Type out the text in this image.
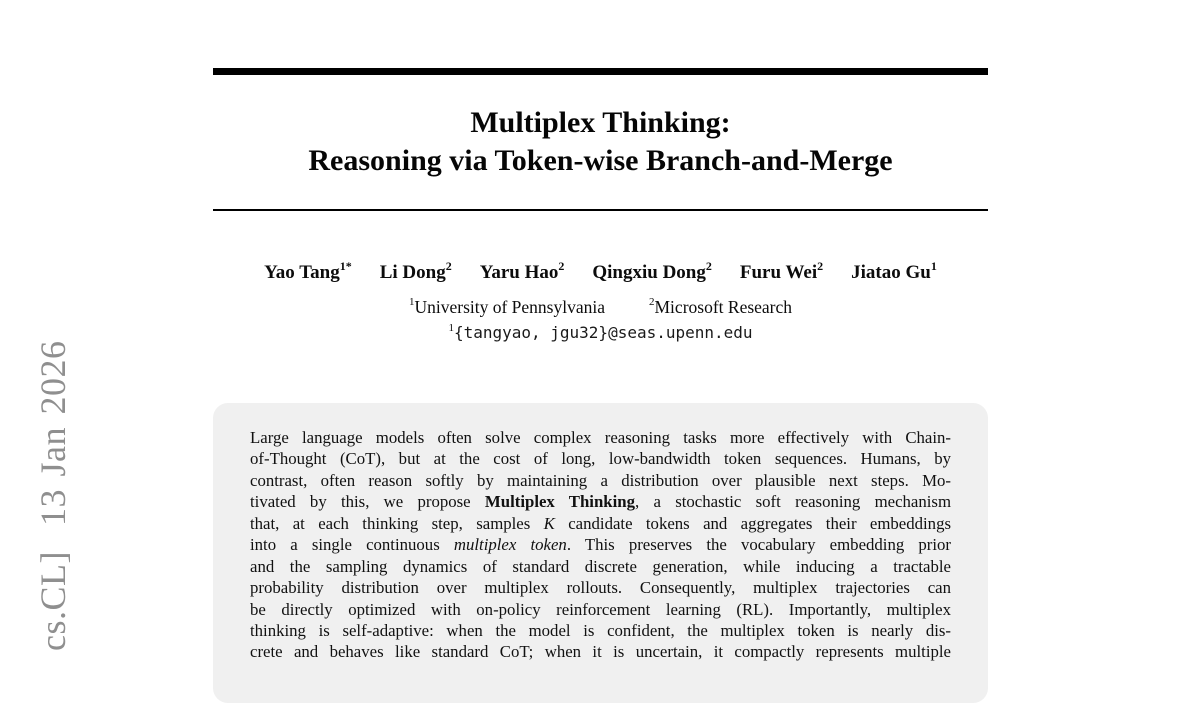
cs.CL]  13 Jan 2026
Multiplex Thinking:
Reasoning via Token-wise Branch-and-Merge
Yao Tang$^{1*}$ Li Dong$^2$ Yaru Hao$^2$ Qingxiu Dong$^2$ Furu Wei$^2$ Jiatao Gu$^1$
$^1$University of Pennsylvania	$^2$Microsoft Research
$^1${tangyao, jgu32}@seas.upenn.edu
Large language models often solve complex reasoning tasks more effectively with Chain-
of-Thought (CoT), but at the cost of long, low-bandwidth token sequences. Humans, by
contrast, often reason softly by maintaining a distribution over plausible next steps. Mo-
tivated by this, we propose Multiplex Thinking, a stochastic soft reasoning mechanism
that, at each thinking step, samples K candidate tokens and aggregates their embeddings
into a single continuous multiplex token. This preserves the vocabulary embedding prior
and the sampling dynamics of standard discrete generation, while inducing a tractable
probability distribution over multiplex rollouts. Consequently, multiplex trajectories can
be directly optimized with on-policy reinforcement learning (RL). Importantly, multiplex
thinking is self-adaptive: when the model is confident, the multiplex token is nearly dis-
crete and behaves like standard CoT; when it is uncertain, it compactly represents multiple
